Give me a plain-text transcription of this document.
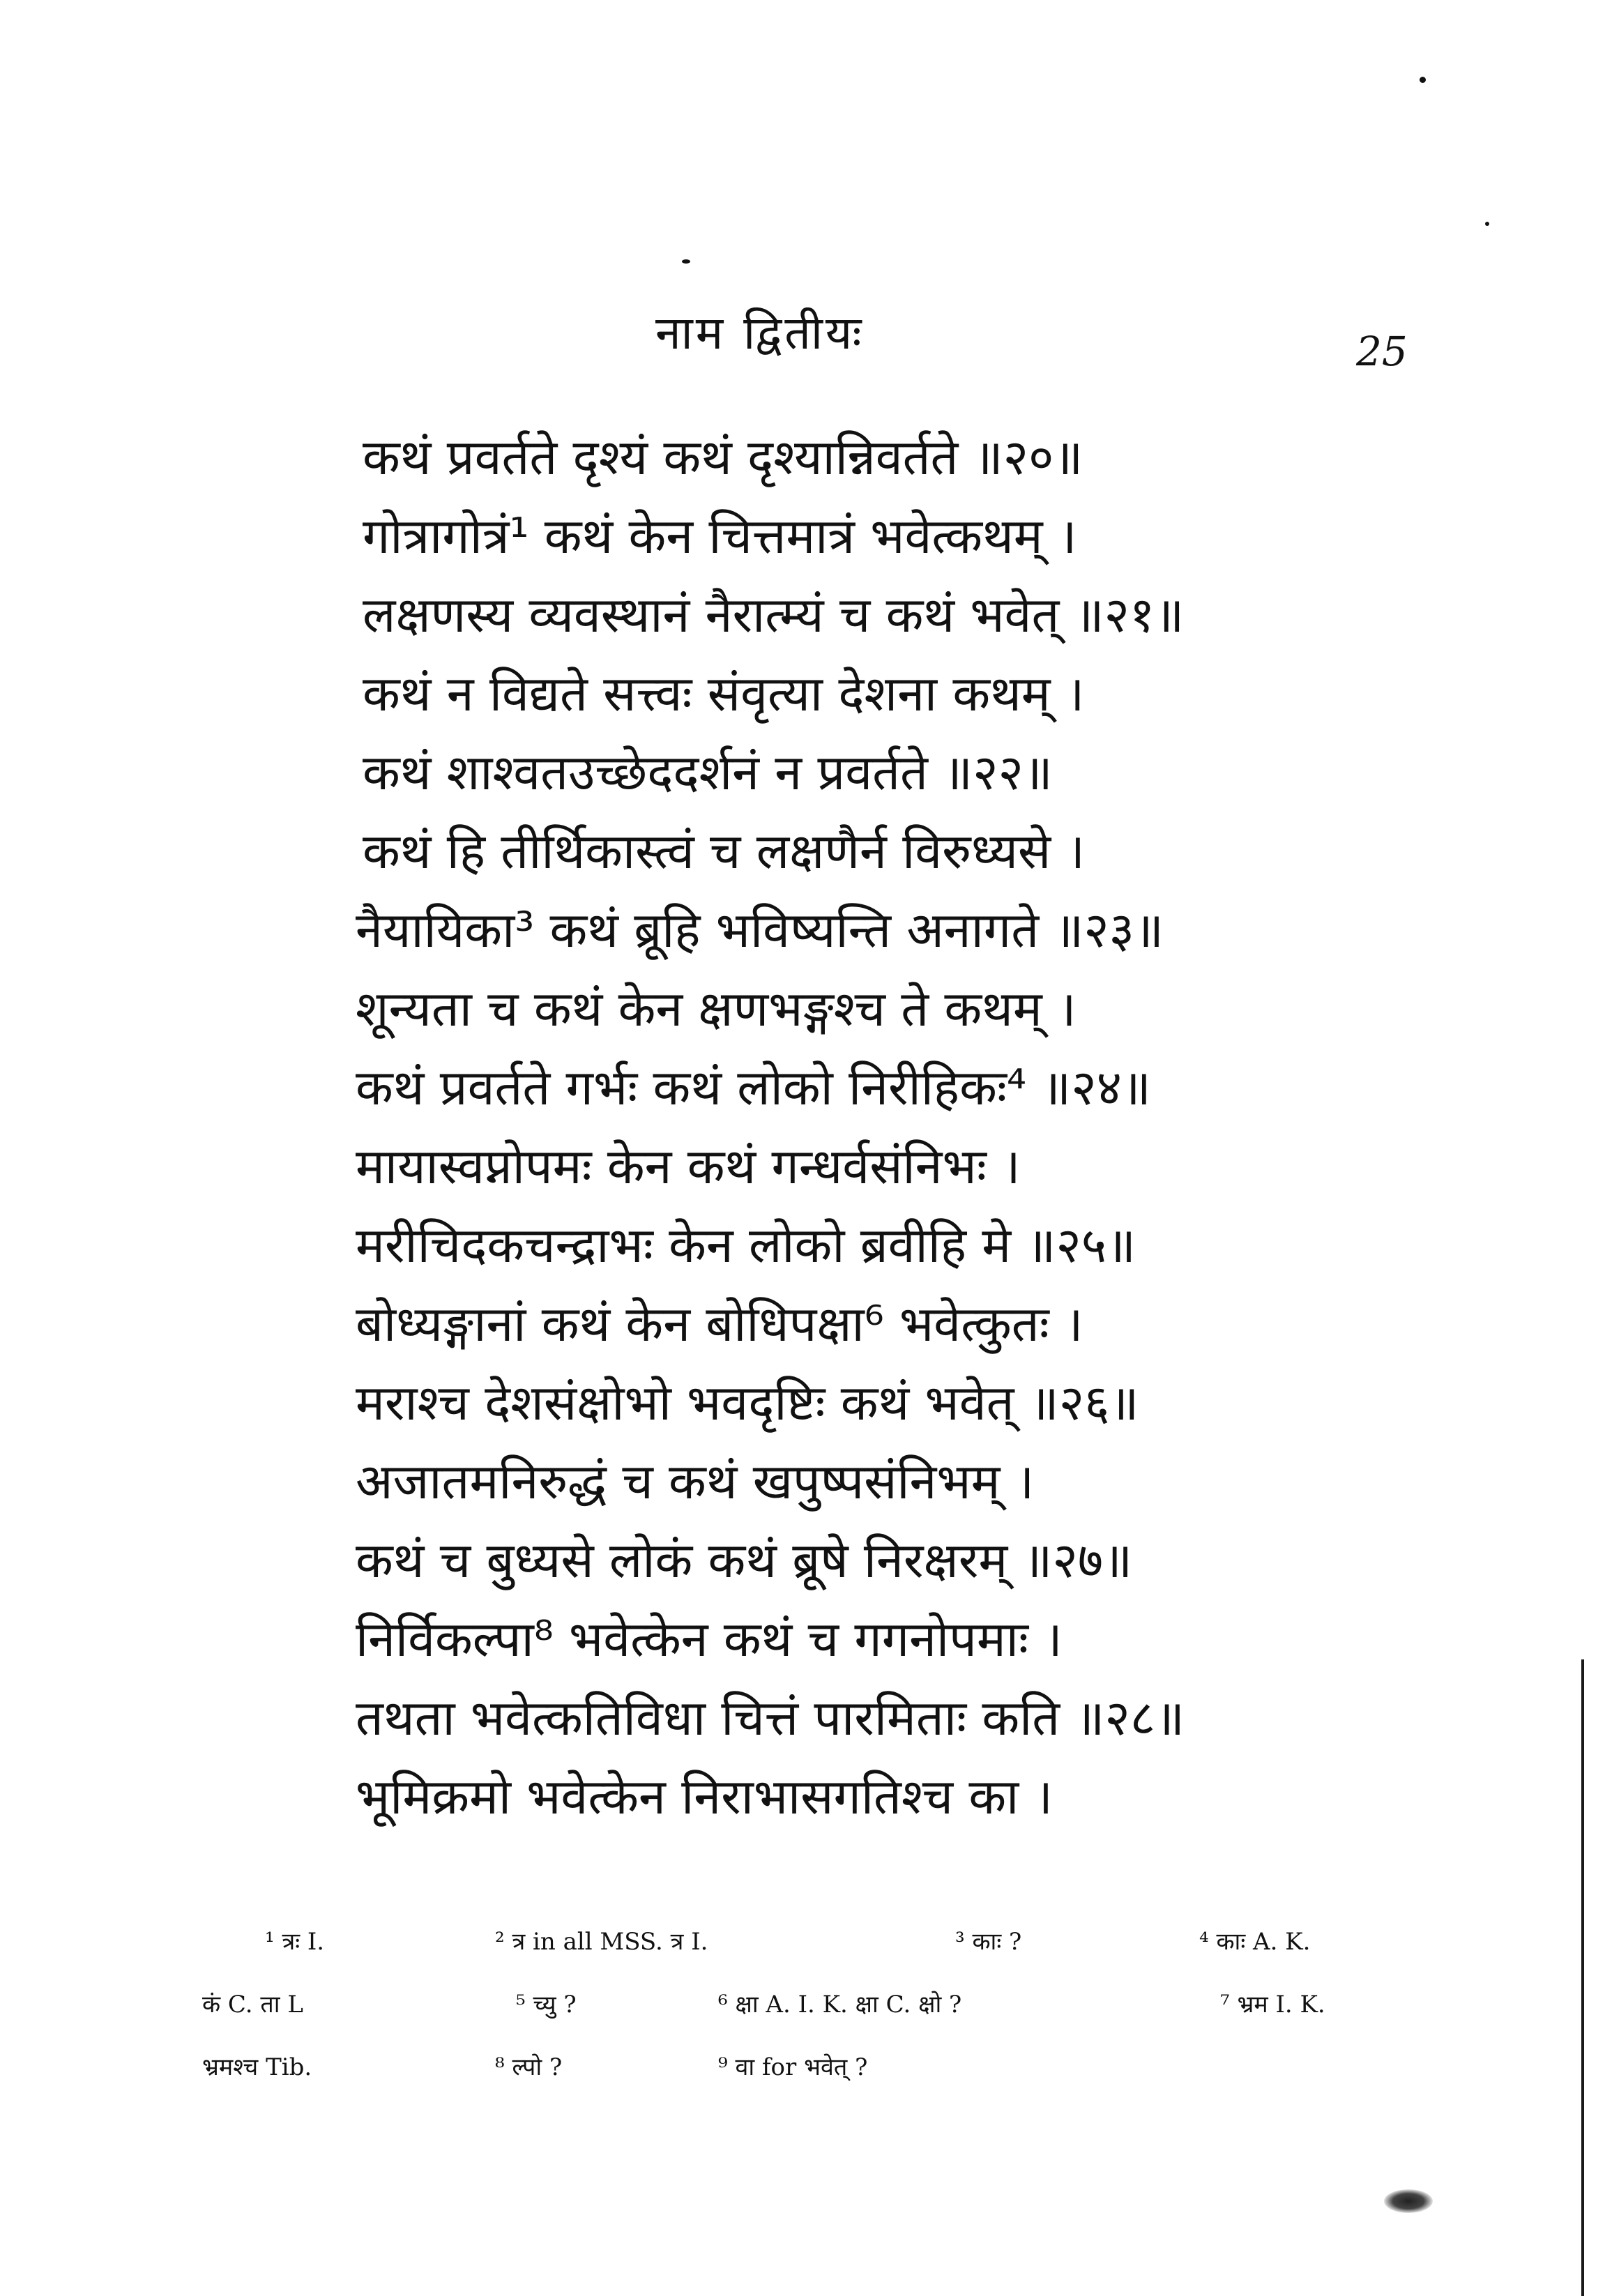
नाम द्वितीयः	25
कथं प्रवर्तते दृश्यं कथं दृश्यान्निवर्तते ॥२०॥
गोत्रागोत्रं¹ कथं केन चित्तमात्रं भवेत्कथम् ।
लक्षणस्य व्यवस्थानं नैरात्म्यं च कथं भवेत् ॥२१॥
कथं न विद्यते सत्त्वः संवृत्या देशना कथम् ।
कथं शाश्वतउच्छेददर्शनं न प्रवर्तते ॥२२॥
कथं हि तीर्थिकास्त्वं च लक्षणैर्न विरुध्यसे ।
नैयायिका³ कथं ब्रूहि भविष्यन्ति अनागते ॥२३॥
शून्यता च कथं केन क्षणभङ्गश्च ते कथम् ।
कथं प्रवर्तते गर्भः कथं लोको निरीहिकः⁴ ॥२४॥
मायास्वप्नोपमः केन कथं गन्धर्वसंनिभः ।
मरीचिदकचन्द्राभः केन लोको ब्रवीहि मे ॥२५॥
बोध्यङ्गानां कथं केन बोधिपक्षा⁶ भवेत्कुतः ।
मराश्च देशसंक्षोभो भवदृष्टिः कथं भवेत् ॥२६॥
अजातमनिरुद्धं च कथं खपुष्पसंनिभम् ।
कथं च बुध्यसे लोकं कथं ब्रूषे निरक्षरम् ॥२७॥
निर्विकल्पा⁸ भवेत्केन कथं च गगनोपमाः ।
तथता भवेत्कतिविधा चित्तं पारमिताः कति ॥२८॥
भूमिक्रमो भवेत्केन निराभासगतिश्च का ।
¹ त्रः I.	² त्र in all MSS. त्र I.	³ काः ?	⁴ काः A. K.
कं C. ता L	⁵ च्यु ?	⁶ क्षा A. I. K. क्षा C. क्षो ?	⁷ भ्रम I. K.
भ्रमश्च Tib.	⁸ ल्पो ?	⁹ वा for भवेत् ?
